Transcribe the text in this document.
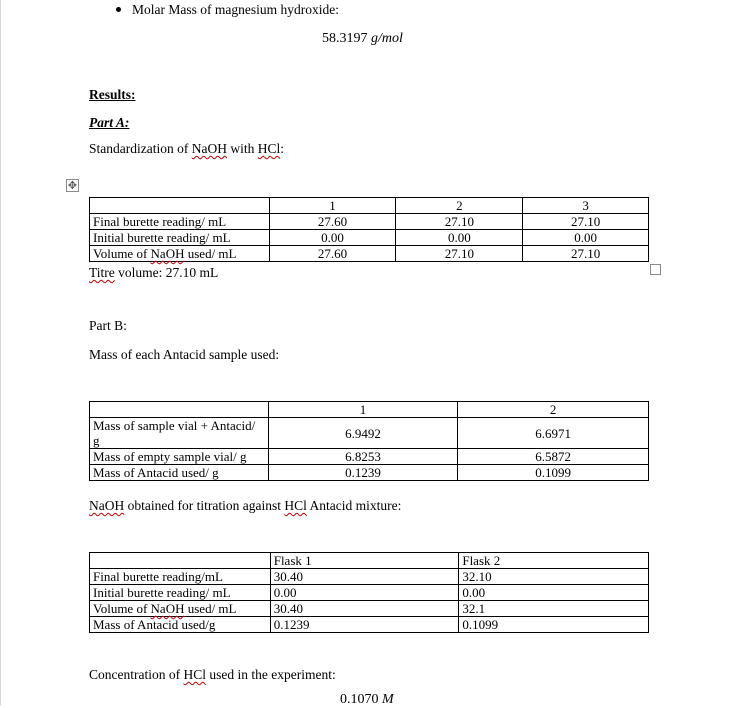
Molar Mass of magnesium hydroxide:
58.3197 g/mol
Results:
Part A:
Standardization of NaOH with HCl:
✥
	1	2	3
Final burette reading/ mL	27.60	27.10	27.10
Initial burette reading/ mL	0.00	0.00	0.00
Volume of NaOH used/ mL	27.60	27.10	27.10
Titre volume: 27.10 mL
Part B:
Mass of each Antacid sample used:
	1	2
Mass of sample vial + Antacid/ g	6.9492	6.6971
Mass of empty sample vial/ g	6.8253	6.5872
Mass of Antacid used/ g	0.1239	0.1099
NaOH obtained for titration against HCl Antacid mixture:
	Flask 1	Flask 2
Final burette reading/mL	30.40	32.10
Initial burette reading/ mL	0.00	0.00
Volume of NaOH used/ mL	30.40	32.1
Mass of Antacid used/g	0.1239	0.1099
Concentration of HCl used in the experiment:
0.1070 M
